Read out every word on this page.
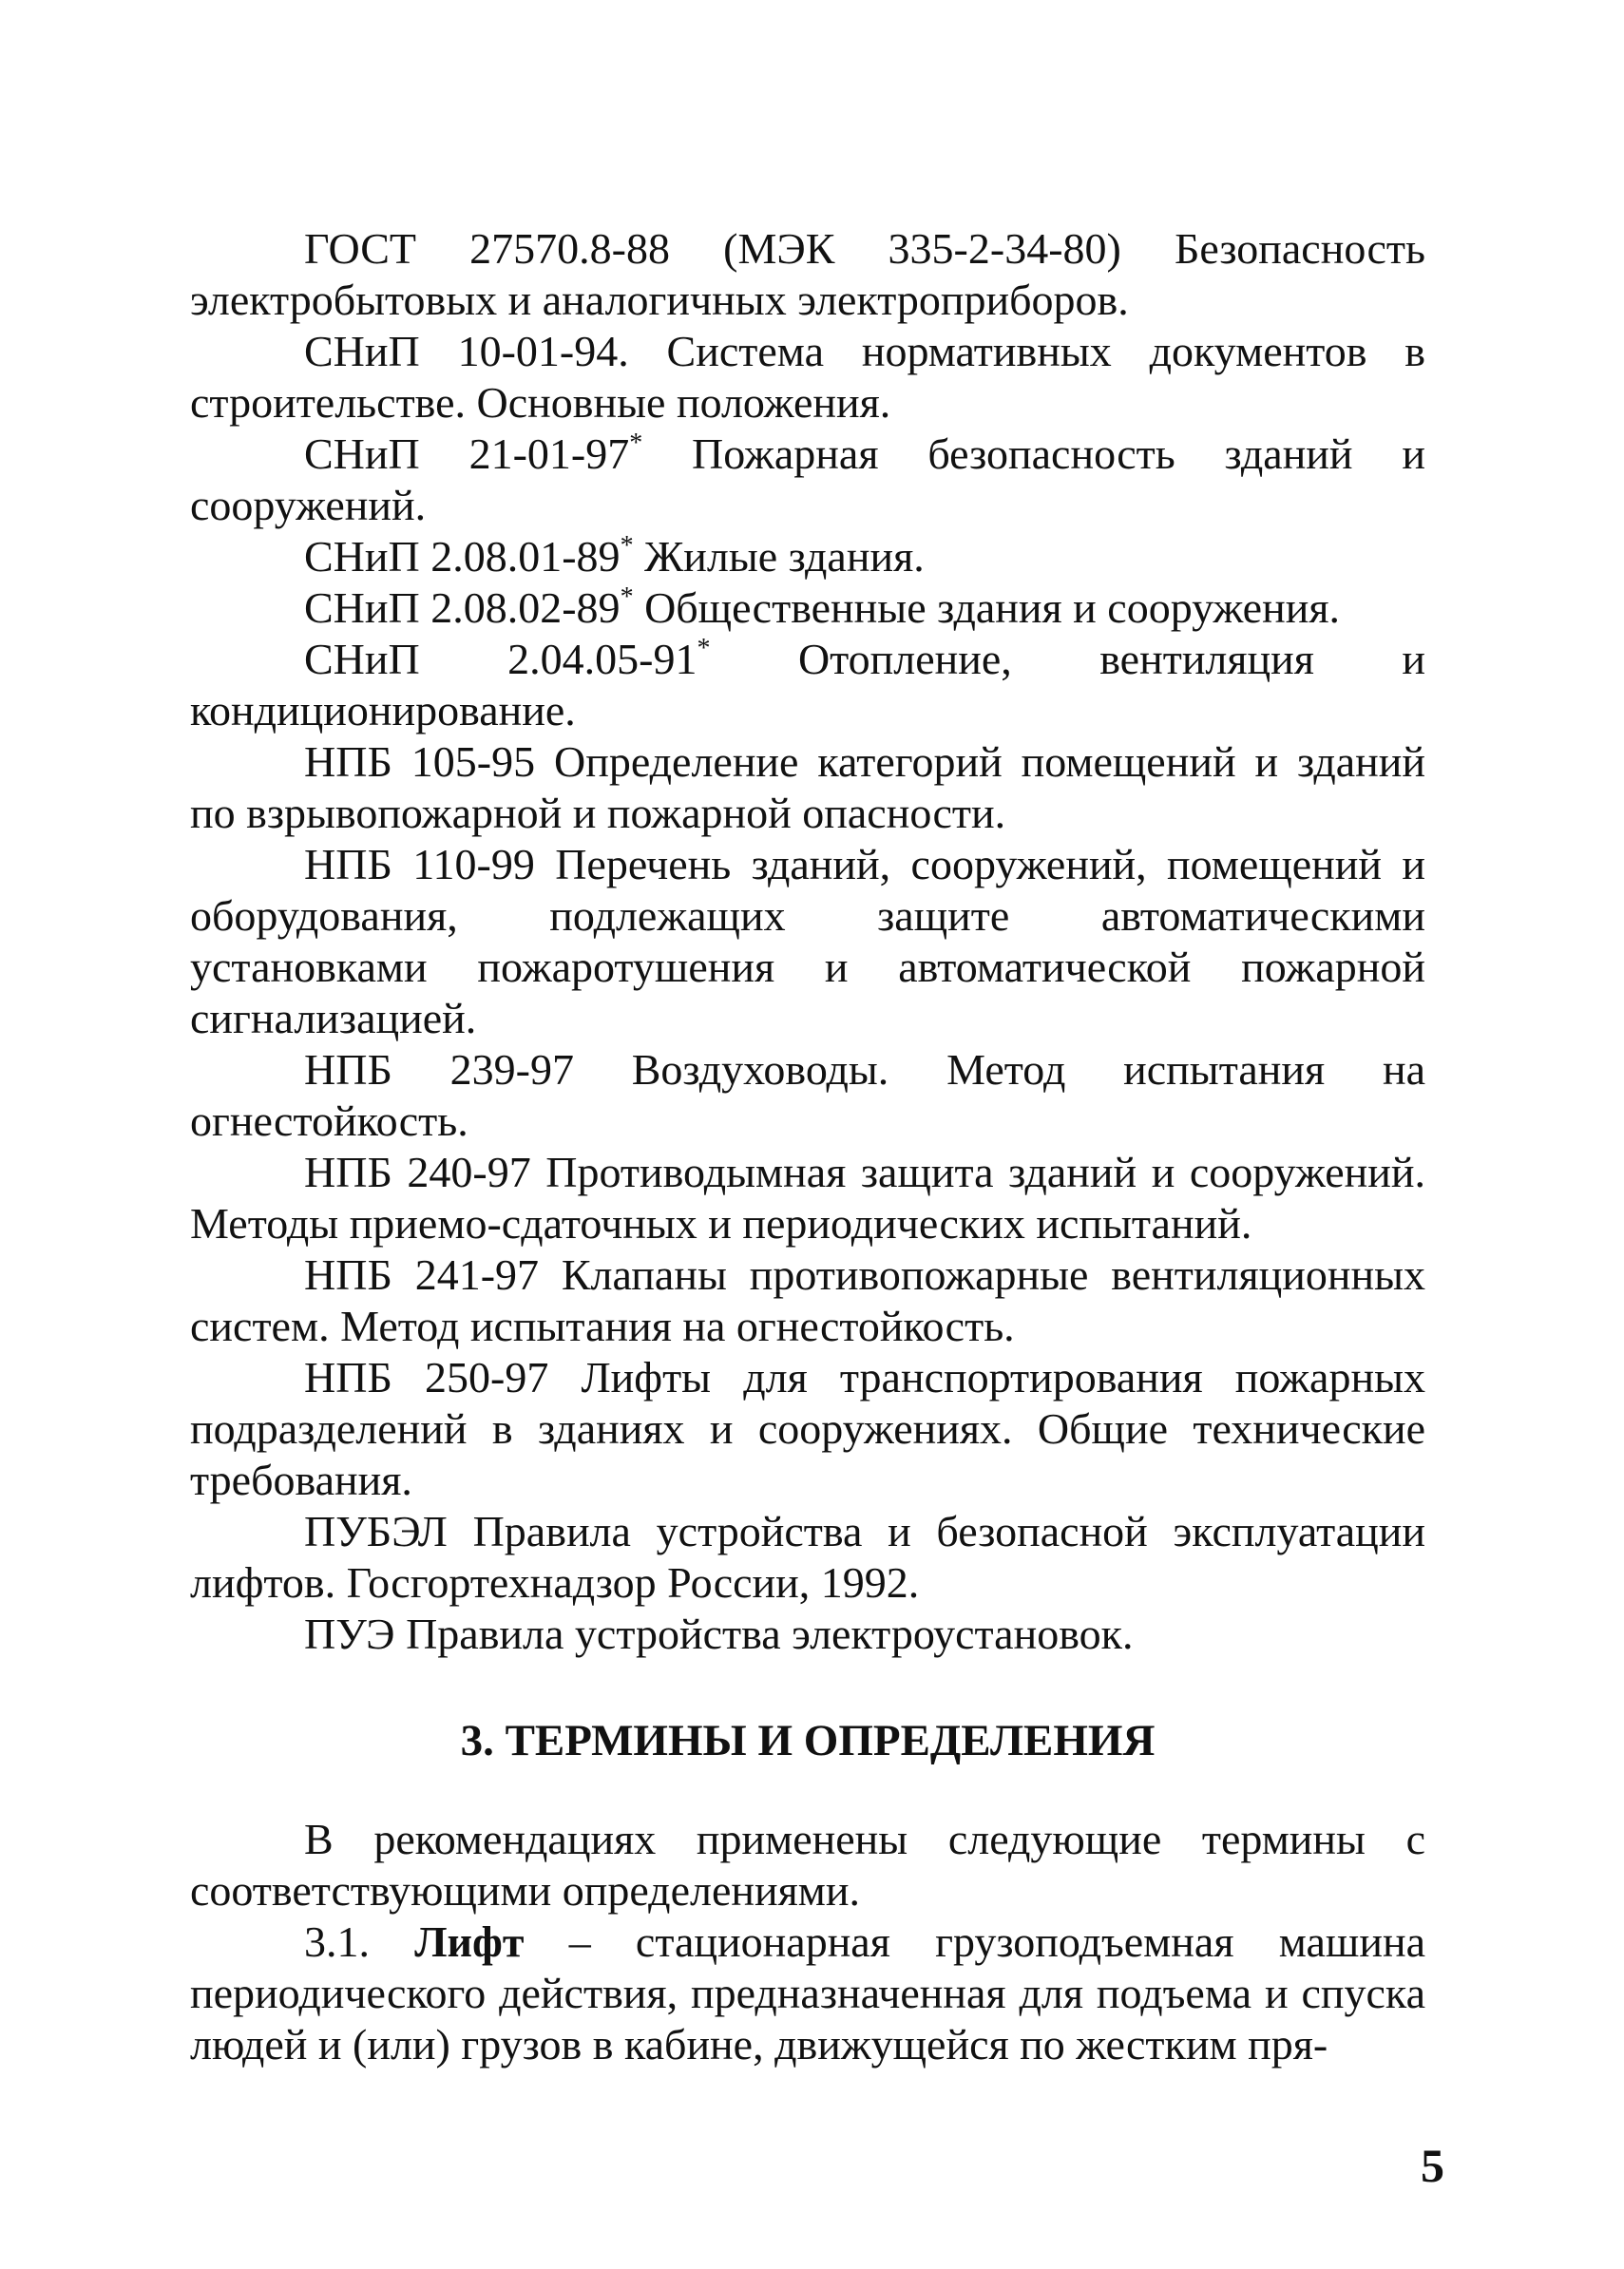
ГОСТ 27570.8-88 (МЭК 335-2-34-80) Безопасность электробытовых и аналогичных электроприборов.

СНиП 10-01-94. Система нормативных документов в строительстве. Основные положения.

СНиП 21-01-97* Пожарная безопасность зданий и сооружений.

СНиП 2.08.01-89* Жилые здания.

СНиП 2.08.02-89* Общественные здания и сооружения.

СНиП 2.04.05-91* Отопление, вентиляция и кондиционирование.

НПБ 105-95 Определение категорий помещений и зданий по взрывопожарной и пожарной опасности.

НПБ 110-99 Перечень зданий, сооружений, помещений и оборудования, подлежащих защите автоматическими установками пожаротушения и автоматической пожарной сигнализацией.

НПБ 239-97 Воздуховоды. Метод испытания на огнестойкость.

НПБ 240-97 Противодымная защита зданий и сооружений. Методы приемо-сдаточных и периодических испытаний.

НПБ 241-97 Клапаны противопожарные вентиляционных систем. Метод испытания на огнестойкость.

НПБ 250-97 Лифты для транспортирования пожарных подразделений в зданиях и сооружениях. Общие технические требования.

ПУБЭЛ Правила устройства и безопасной эксплуатации лифтов. Госгортехнадзор России, 1992.

ПУЭ Правила устройства электроустановок.

3. ТЕРМИНЫ И ОПРЕДЕЛЕНИЯ

В рекомендациях применены следующие термины с соответствующими определениями.

3.1. Лифт – стационарная грузоподъемная машина периодического действия, предназначенная для подъема и спуска людей и (или) грузов в кабине, движущейся по жестким пря-

5
